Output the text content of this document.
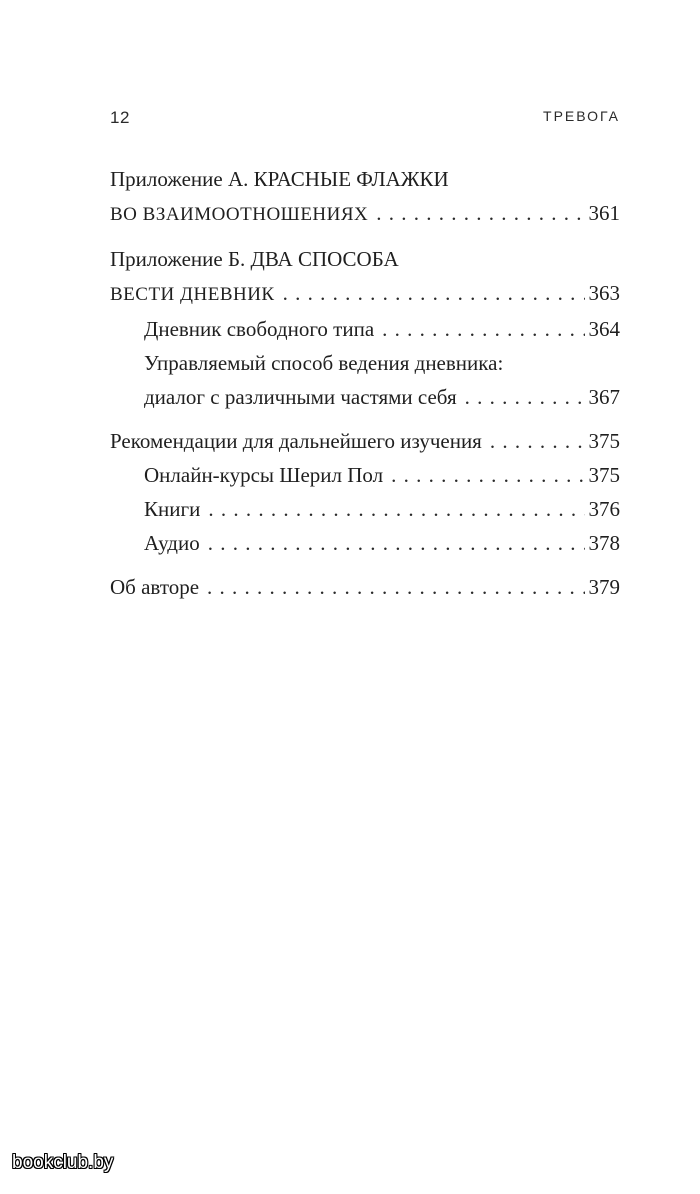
12	ТРЕВОГА
Приложение А. КРАСНЫЕ ФЛАЖКИ
ВО ВЗАИМООТНОШЕНИЯХ . . .	361
Приложение Б. ДВА СПОСОБА
ВЕСТИ ДНЕВНИК . . .	363
Дневник свободного типа . . .	364
Управляемый способ ведения дневника:
диалог с различными частями себя . . .	367
Рекомендации для дальнейшего изучения . . .	375
Онлайн-курсы Шерил Пол . . .	375
Книги . . .	376
Аудио . . .	378
Об авторе . . .	379
bookclub.by
